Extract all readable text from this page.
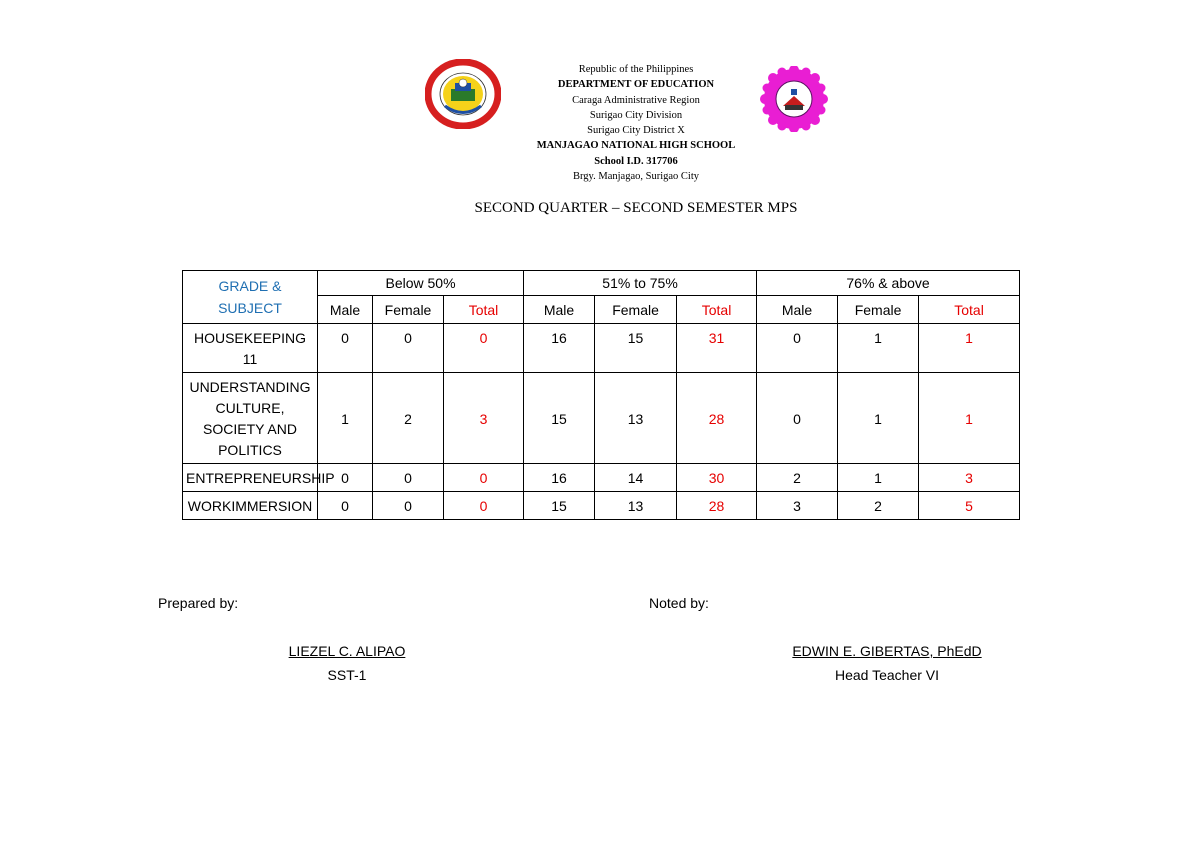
Republic of the Philippines
DEPARTMENT OF EDUCATION
Caraga Administrative Region
Surigao City Division
Surigao City District X
MANJAGAO NATIONAL HIGH SCHOOL
School I.D. 317706
Brgy. Manjagao, Surigao City
SECOND QUARTER – SECOND SEMESTER MPS
GRADE & SUBJECT	Below 50%			51% to 75%			76% & above		
	Male	Female	Total	Male	Female	Total	Male	Female	Total
HOUSEKEEPING 11	0	0	0	16	15	31	0	1	1
UNDERSTANDING CULTURE, SOCIETY AND POLITICS	1	2	3	15	13	28	0	1	1
ENTREPRENEURSHIP	0	0	0	16	14	30	2	1	3
WORKIMMERSION	0	0	0	15	13	28	3	2	5
Prepared by:
LIEZEL C. ALIPAO
SST-1
Noted by:
EDWIN E. GIBERTAS, PhEdD
Head Teacher VI
